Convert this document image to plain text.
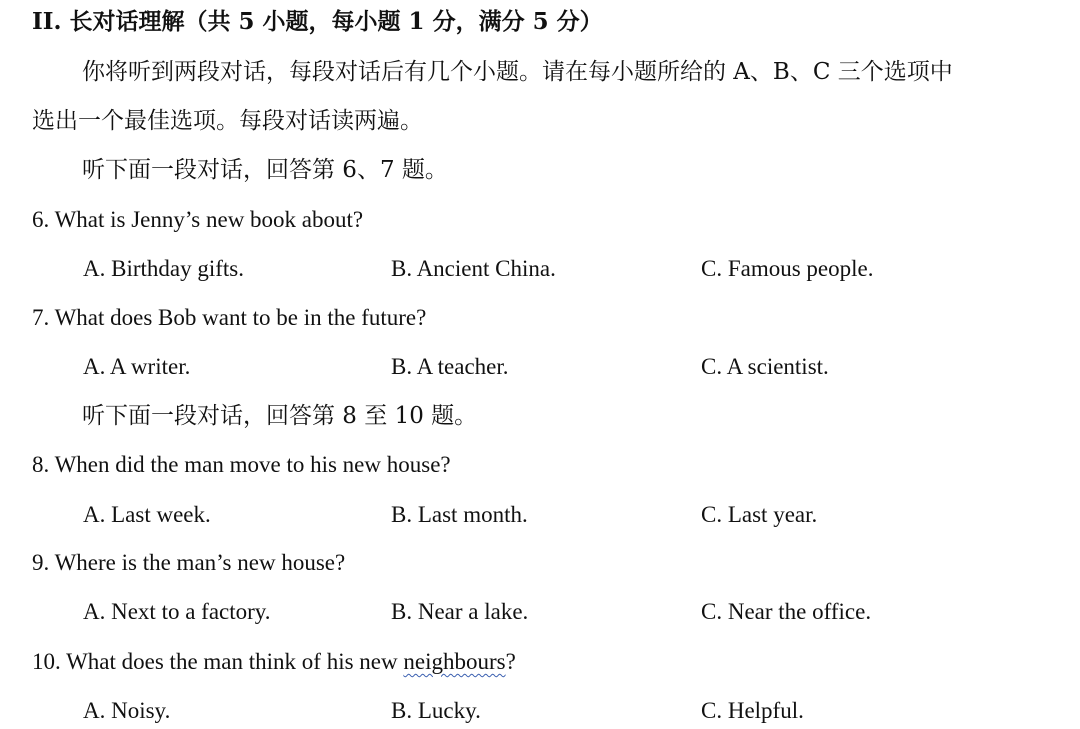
II. 长对话理解（共 5 小题，每小题 1 分，满分 5 分）
你将听到两段对话，每段对话后有几个小题。请在每小题所给的 A、B、C 三个选项中
选出一个最佳选项。每段对话读两遍。
听下面一段对话，回答第 6、7 题。
6. What is Jenny’s new book about?
A. Birthday gifts.	B. Ancient China.	C. Famous people.
7. What does Bob want to be in the future?
A. A writer.	B. A teacher.	C. A scientist.
听下面一段对话，回答第 8 至 10 题。
8. When did the man move to his new house?
A. Last week.	B. Last month.	C. Last year.
9. Where is the man’s new house?
A. Next to a factory.	B. Near a lake.	C. Near the office.
10. What does the man think of his new neighbours?
A. Noisy.	B. Lucky.	C. Helpful.
